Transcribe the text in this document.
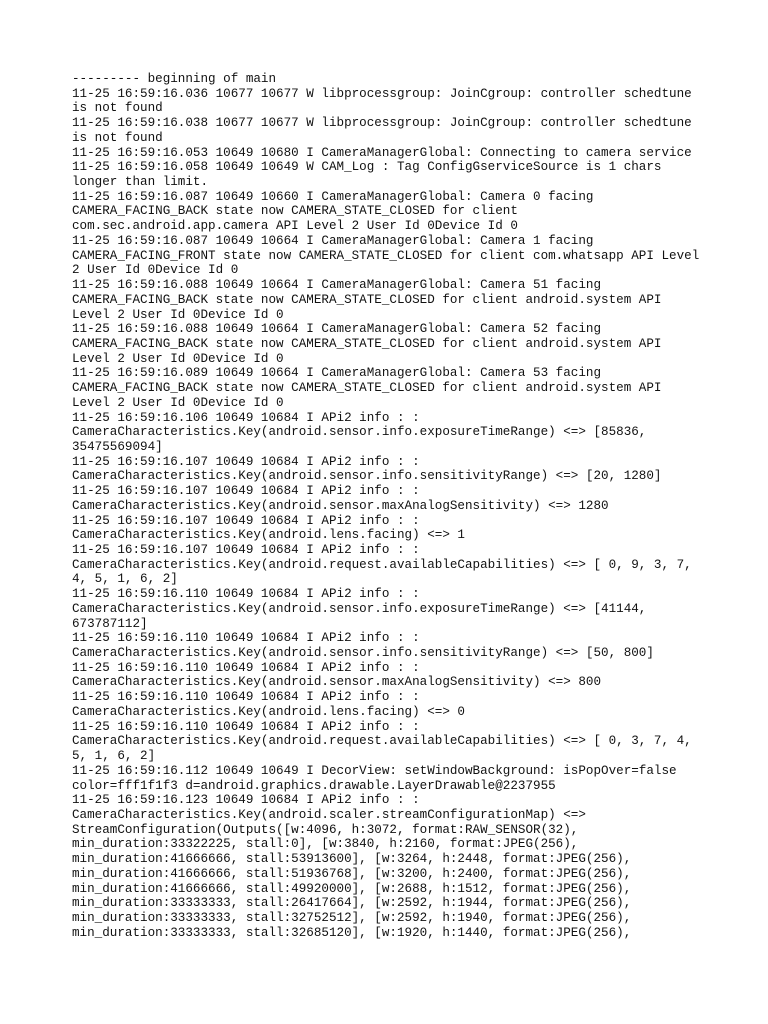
--------- beginning of main
11-25 16:59:16.036 10677 10677 W libprocessgroup: JoinCgroup: controller schedtune
is not found
11-25 16:59:16.038 10677 10677 W libprocessgroup: JoinCgroup: controller schedtune
is not found
11-25 16:59:16.053 10649 10680 I CameraManagerGlobal: Connecting to camera service
11-25 16:59:16.058 10649 10649 W CAM_Log : Tag ConfigGserviceSource is 1 chars
longer than limit.
11-25 16:59:16.087 10649 10660 I CameraManagerGlobal: Camera 0 facing
CAMERA_FACING_BACK state now CAMERA_STATE_CLOSED for client
com.sec.android.app.camera API Level 2 User Id 0Device Id 0
11-25 16:59:16.087 10649 10664 I CameraManagerGlobal: Camera 1 facing
CAMERA_FACING_FRONT state now CAMERA_STATE_CLOSED for client com.whatsapp API Level
2 User Id 0Device Id 0
11-25 16:59:16.088 10649 10664 I CameraManagerGlobal: Camera 51 facing
CAMERA_FACING_BACK state now CAMERA_STATE_CLOSED for client android.system API
Level 2 User Id 0Device Id 0
11-25 16:59:16.088 10649 10664 I CameraManagerGlobal: Camera 52 facing
CAMERA_FACING_BACK state now CAMERA_STATE_CLOSED for client android.system API
Level 2 User Id 0Device Id 0
11-25 16:59:16.089 10649 10664 I CameraManagerGlobal: Camera 53 facing
CAMERA_FACING_BACK state now CAMERA_STATE_CLOSED for client android.system API
Level 2 User Id 0Device Id 0
11-25 16:59:16.106 10649 10684 I APi2 info : :
CameraCharacteristics.Key(android.sensor.info.exposureTimeRange) <=> [85836,
35475569094]
11-25 16:59:16.107 10649 10684 I APi2 info : :
CameraCharacteristics.Key(android.sensor.info.sensitivityRange) <=> [20, 1280]
11-25 16:59:16.107 10649 10684 I APi2 info : :
CameraCharacteristics.Key(android.sensor.maxAnalogSensitivity) <=> 1280
11-25 16:59:16.107 10649 10684 I APi2 info : :
CameraCharacteristics.Key(android.lens.facing) <=> 1
11-25 16:59:16.107 10649 10684 I APi2 info : :
CameraCharacteristics.Key(android.request.availableCapabilities) <=> [ 0, 9, 3, 7,
4, 5, 1, 6, 2]
11-25 16:59:16.110 10649 10684 I APi2 info : :
CameraCharacteristics.Key(android.sensor.info.exposureTimeRange) <=> [41144,
673787112]
11-25 16:59:16.110 10649 10684 I APi2 info : :
CameraCharacteristics.Key(android.sensor.info.sensitivityRange) <=> [50, 800]
11-25 16:59:16.110 10649 10684 I APi2 info : :
CameraCharacteristics.Key(android.sensor.maxAnalogSensitivity) <=> 800
11-25 16:59:16.110 10649 10684 I APi2 info : :
CameraCharacteristics.Key(android.lens.facing) <=> 0
11-25 16:59:16.110 10649 10684 I APi2 info : :
CameraCharacteristics.Key(android.request.availableCapabilities) <=> [ 0, 3, 7, 4,
5, 1, 6, 2]
11-25 16:59:16.112 10649 10649 I DecorView: setWindowBackground: isPopOver=false
color=fff1f1f3 d=android.graphics.drawable.LayerDrawable@2237955
11-25 16:59:16.123 10649 10684 I APi2 info : :
CameraCharacteristics.Key(android.scaler.streamConfigurationMap) <=>
StreamConfiguration(Outputs([w:4096, h:3072, format:RAW_SENSOR(32),
min_duration:33322225, stall:0], [w:3840, h:2160, format:JPEG(256),
min_duration:41666666, stall:53913600], [w:3264, h:2448, format:JPEG(256),
min_duration:41666666, stall:51936768], [w:3200, h:2400, format:JPEG(256),
min_duration:41666666, stall:49920000], [w:2688, h:1512, format:JPEG(256),
min_duration:33333333, stall:26417664], [w:2592, h:1944, format:JPEG(256),
min_duration:33333333, stall:32752512], [w:2592, h:1940, format:JPEG(256),
min_duration:33333333, stall:32685120], [w:1920, h:1440, format:JPEG(256),
